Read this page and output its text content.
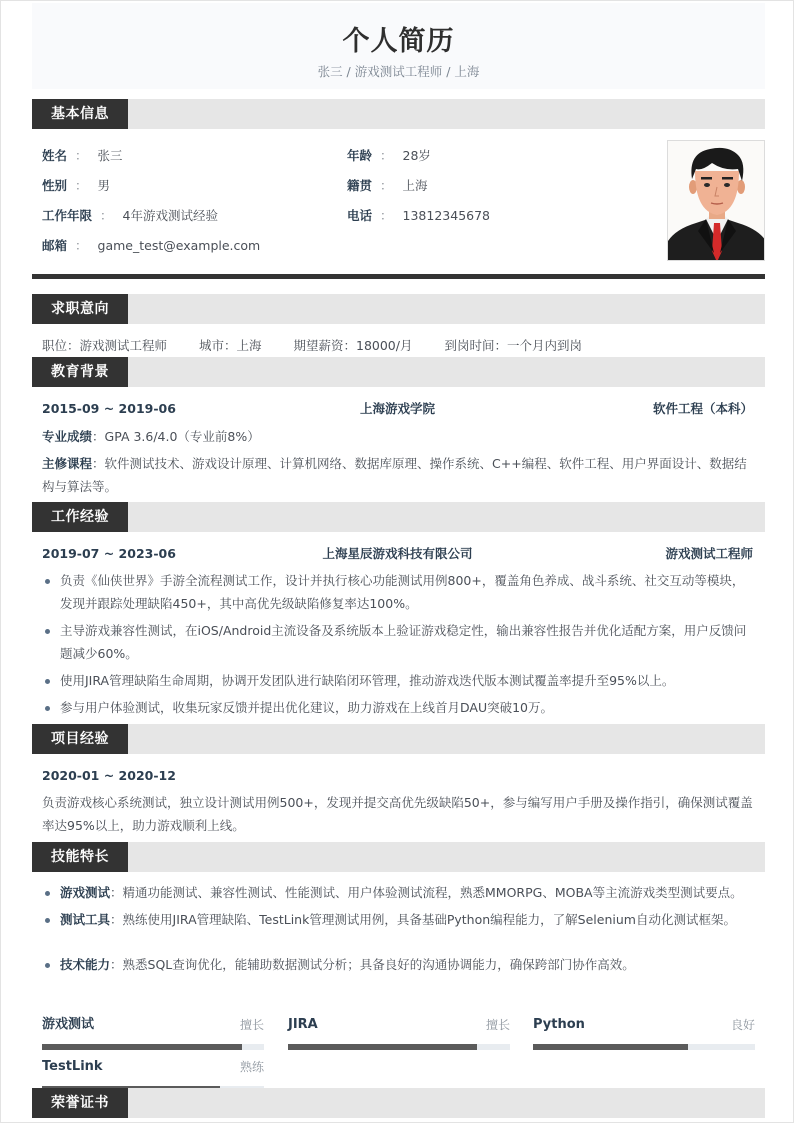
个人简历
张三 / 游戏测试工程师 / 上海
基本信息
姓名 ： 张三
性别 ： 男
工作年限 ： 4年游戏测试经验
邮箱 ： game_test@example.com
年龄 ： 28岁
籍贯 ： 上海
电话 ： 13812345678
求职意向
职位：游戏测试工程师	城市：上海	期望薪资：18000/月	到岗时间：一个月内到岗
教育背景
2015-09 ~ 2019-06	上海游戏学院	软件工程（本科）
专业成绩：GPA 3.6/4.0（专业前8%）
主修课程：软件测试技术、游戏设计原理、计算机网络、数据库原理、操作系统、C++编程、软件工程、用户界面设计、数据结构与算法等。
工作经验
2019-07 ~ 2023-06	上海星辰游戏科技有限公司	游戏测试工程师
负责《仙侠世界》手游全流程测试工作，设计并执行核心功能测试用例800+，覆盖角色养成、战斗系统、社交互动等模块，发现并跟踪处理缺陷450+，其中高优先级缺陷修复率达100%。
主导游戏兼容性测试，在iOS/Android主流设备及系统版本上验证游戏稳定性，输出兼容性报告并优化适配方案，用户反馈问题减少60%。
使用JIRA管理缺陷生命周期，协调开发团队进行缺陷闭环管理，推动游戏迭代版本测试覆盖率提升至95%以上。
参与用户体验测试，收集玩家反馈并提出优化建议，助力游戏在上线首月DAU突破10万。
项目经验
2020-01 ~ 2020-12
负责游戏核心系统测试，独立设计测试用例500+，发现并提交高优先级缺陷50+，参与编写用户手册及操作指引，确保测试覆盖率达95%以上，助力游戏顺利上线。
技能特长
游戏测试：精通功能测试、兼容性测试、性能测试、用户体验测试流程，熟悉MMORPG、MOBA等主流游戏类型测试要点。
测试工具：熟练使用JIRA管理缺陷、TestLink管理测试用例，具备基础Python编程能力，了解Selenium自动化测试框架。
技术能力：熟悉SQL查询优化，能辅助数据测试分析；具备良好的沟通协调能力，确保跨部门协作高效。
游戏测试	擅长 JIRA	擅长 Python	良好
TestLink	熟练
荣誉证书
